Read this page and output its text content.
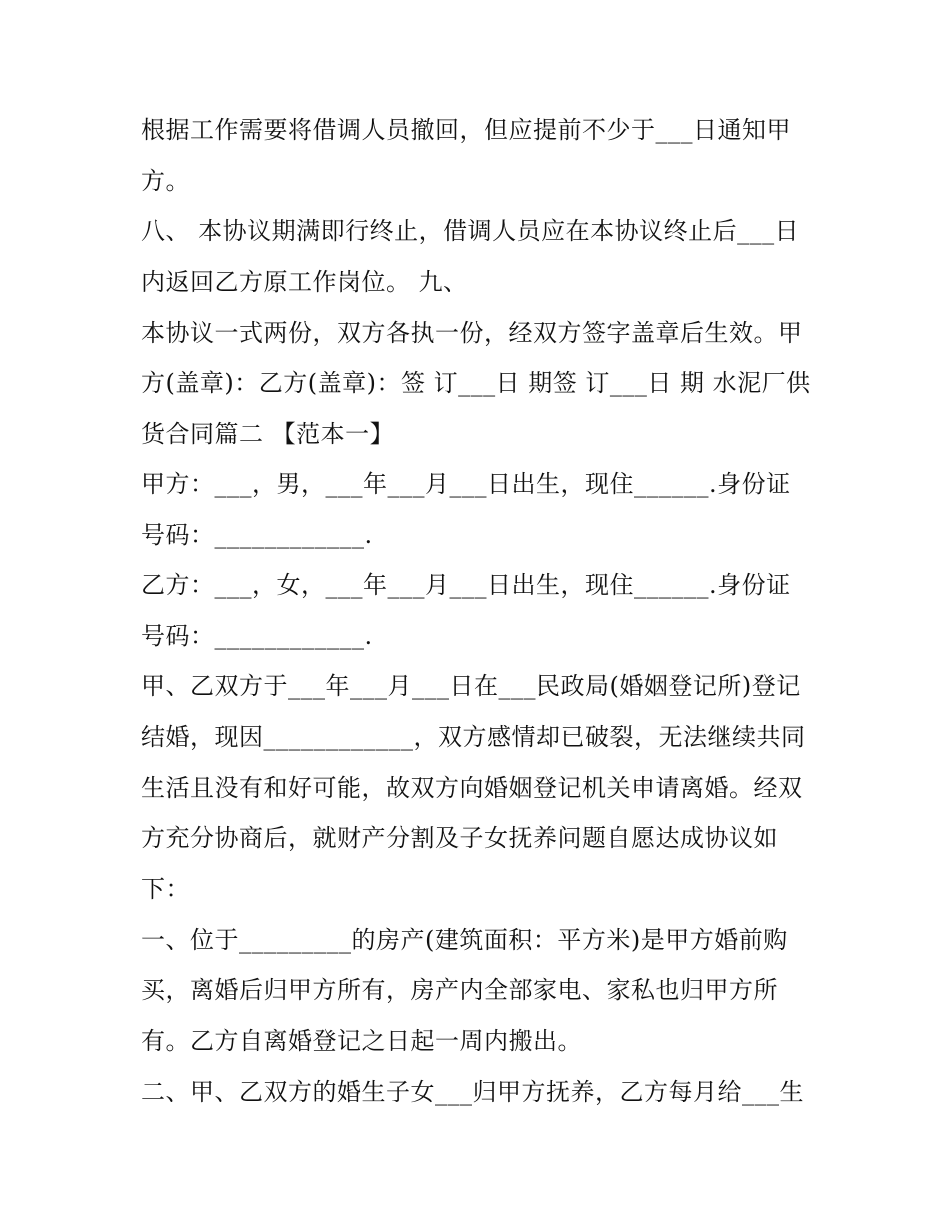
根据工作需要将借调人员撤回，但应提前不少于___日通知甲
方。
八、 本协议期满即行终止，借调人员应在本协议终止后___日
内返回乙方原工作岗位。 九、
本协议一式两份，双方各执一份，经双方签字盖章后生效。甲
方(盖章)：乙方(盖章)：签 订___日 期签 订___日 期 水泥厂供
货合同篇二 【范本一】
甲方：___，男，___年___月___日出生，现住______.身份证
号码：____________.
乙方：___，女，___年___月___日出生，现住______.身份证
号码：____________.
甲、乙双方于___年___月___日在___民政局(婚姻登记所)登记
结婚，现因____________，双方感情却已破裂，无法继续共同
生活且没有和好可能，故双方向婚姻登记机关申请离婚。经双
方充分协商后，就财产分割及子女抚养问题自愿达成协议如
下：
一、位于_________的房产(建筑面积：平方米)是甲方婚前购
买，离婚后归甲方所有，房产内全部家电、家私也归甲方所
有。乙方自离婚登记之日起一周内搬出。
二、甲、乙双方的婚生子女___归甲方抚养，乙方每月给___生
